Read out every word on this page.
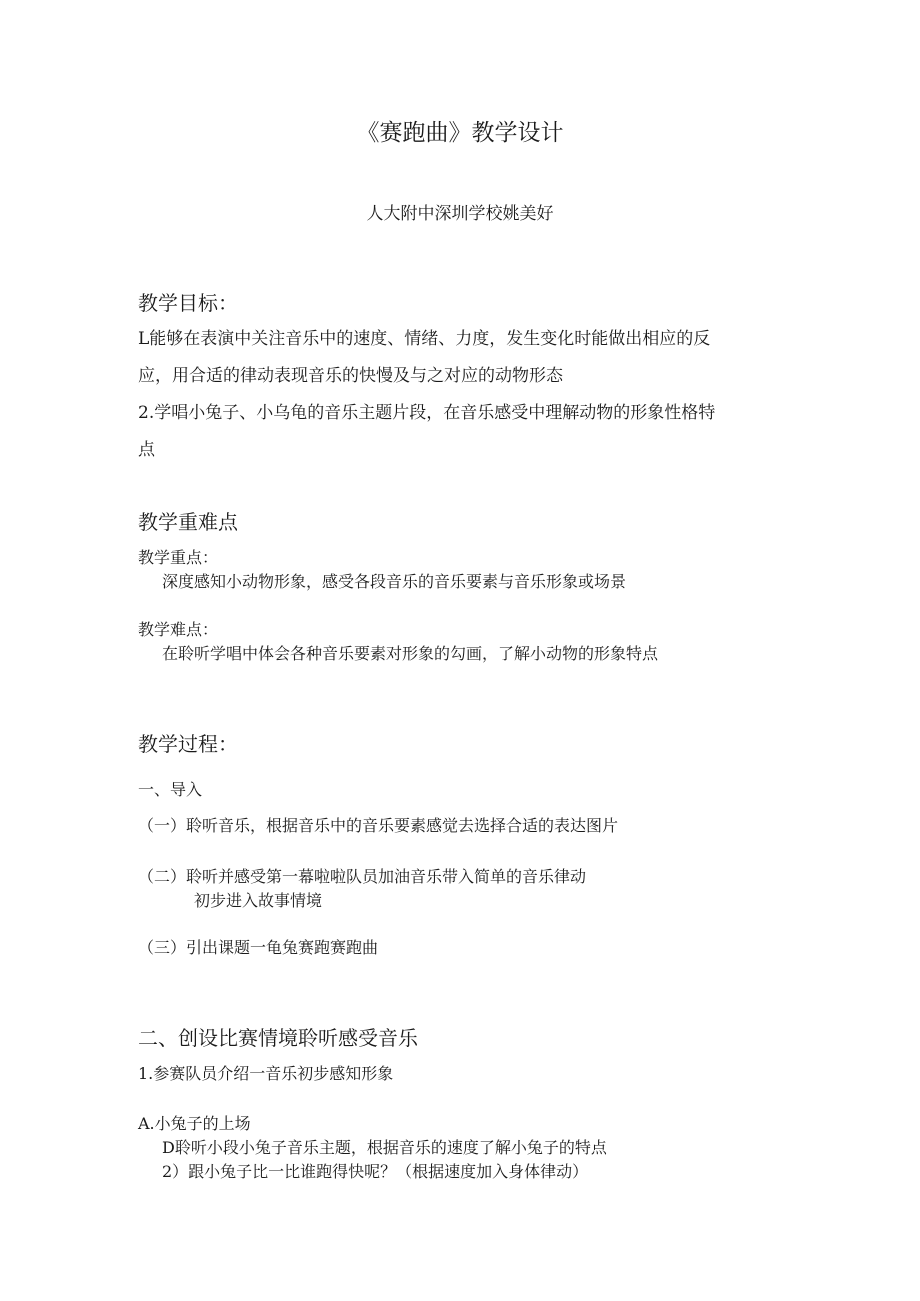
《赛跑曲》教学设计
人大附中深圳学校姚美好
教学目标：
L能够在表演中关注音乐中的速度、情绪、力度，发生变化时能做出相应的反
应，用合适的律动表现音乐的快慢及与之对应的动物形态
2.学唱小兔子、小乌龟的音乐主题片段，在音乐感受中理解动物的形象性格特
点
教学重难点
教学重点：
深度感知小动物形象，感受各段音乐的音乐要素与音乐形象或场景
教学难点：
在聆听学唱中体会各种音乐要素对形象的勾画，了解小动物的形象特点
教学过程：
一、导入
（一）聆听音乐，根据音乐中的音乐要素感觉去选择合适的表达图片
（二）聆听并感受第一幕啦啦队员加油音乐带入简单的音乐律动
初步进入故事情境
（三）引出课题一龟兔赛跑赛跑曲
二、创设比赛情境聆听感受音乐
1.参赛队员介绍一音乐初步感知形象
A.小兔子的上场
D聆听小段小兔子音乐主题，根据音乐的速度了解小兔子的特点
2）跟小兔子比一比谁跑得快呢？（根据速度加入身体律动）
